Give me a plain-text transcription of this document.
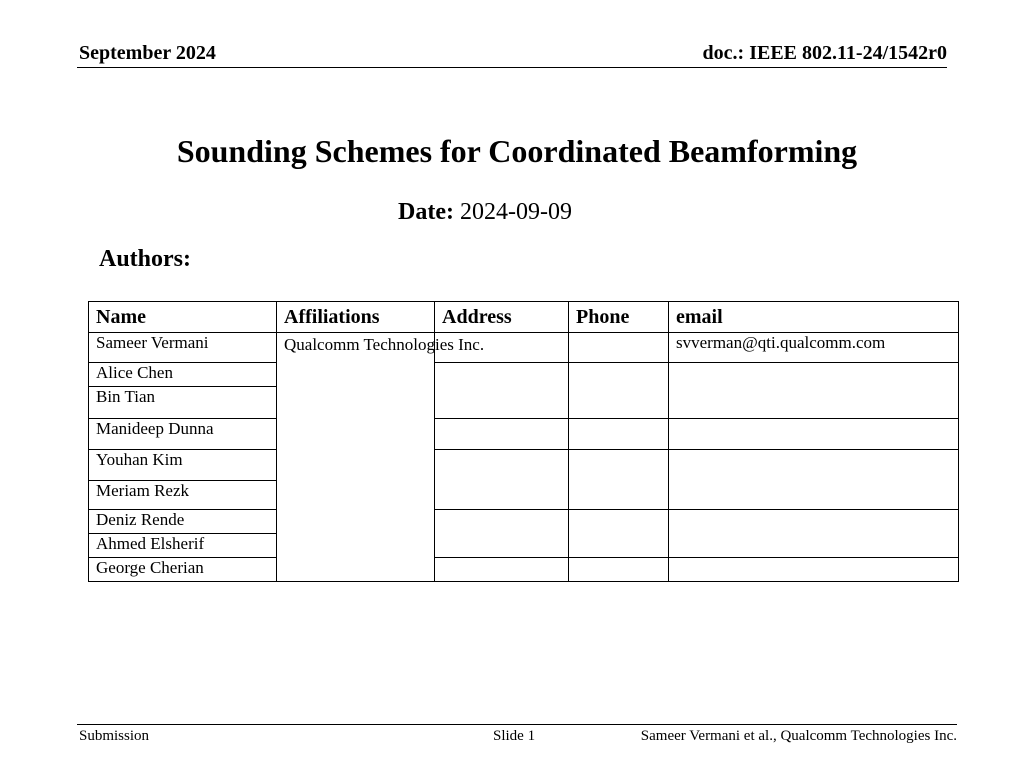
September 2024	doc.: IEEE 802.11-24/1542r0
Sounding Schemes for Coordinated Beamforming
Date: 2024-09-09
Authors:
Name	Affiliations	Address	Phone	email
Sameer Vermani	Qualcomm Technologies Inc.			svverman@qti.qualcomm.com
Alice Chen				
Bin Tian				
Manideep Dunna				
Youhan Kim				
Meriam Rezk				
Deniz Rende				
Ahmed Elsherif				
George Cherian				
Submission	Slide 1	Sameer Vermani et al., Qualcomm Technologies Inc.
